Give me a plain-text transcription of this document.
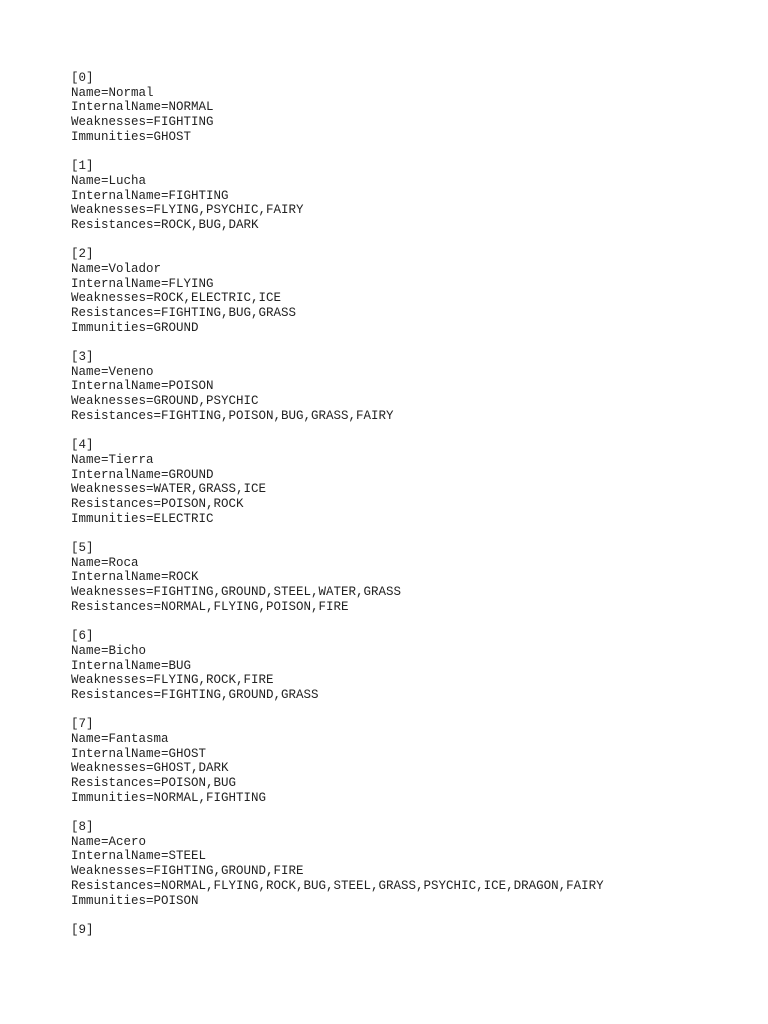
[0]
Name=Normal
InternalName=NORMAL
Weaknesses=FIGHTING
Immunities=GHOST
[1]
Name=Lucha
InternalName=FIGHTING
Weaknesses=FLYING,PSYCHIC,FAIRY
Resistances=ROCK,BUG,DARK
[2]
Name=Volador
InternalName=FLYING
Weaknesses=ROCK,ELECTRIC,ICE
Resistances=FIGHTING,BUG,GRASS
Immunities=GROUND
[3]
Name=Veneno
InternalName=POISON
Weaknesses=GROUND,PSYCHIC
Resistances=FIGHTING,POISON,BUG,GRASS,FAIRY
[4]
Name=Tierra
InternalName=GROUND
Weaknesses=WATER,GRASS,ICE
Resistances=POISON,ROCK
Immunities=ELECTRIC
[5]
Name=Roca
InternalName=ROCK
Weaknesses=FIGHTING,GROUND,STEEL,WATER,GRASS
Resistances=NORMAL,FLYING,POISON,FIRE
[6]
Name=Bicho
InternalName=BUG
Weaknesses=FLYING,ROCK,FIRE
Resistances=FIGHTING,GROUND,GRASS
[7]
Name=Fantasma
InternalName=GHOST
Weaknesses=GHOST,DARK
Resistances=POISON,BUG
Immunities=NORMAL,FIGHTING
[8]
Name=Acero
InternalName=STEEL
Weaknesses=FIGHTING,GROUND,FIRE
Resistances=NORMAL,FLYING,ROCK,BUG,STEEL,GRASS,PSYCHIC,ICE,DRAGON,FAIRY
Immunities=POISON
[9]
